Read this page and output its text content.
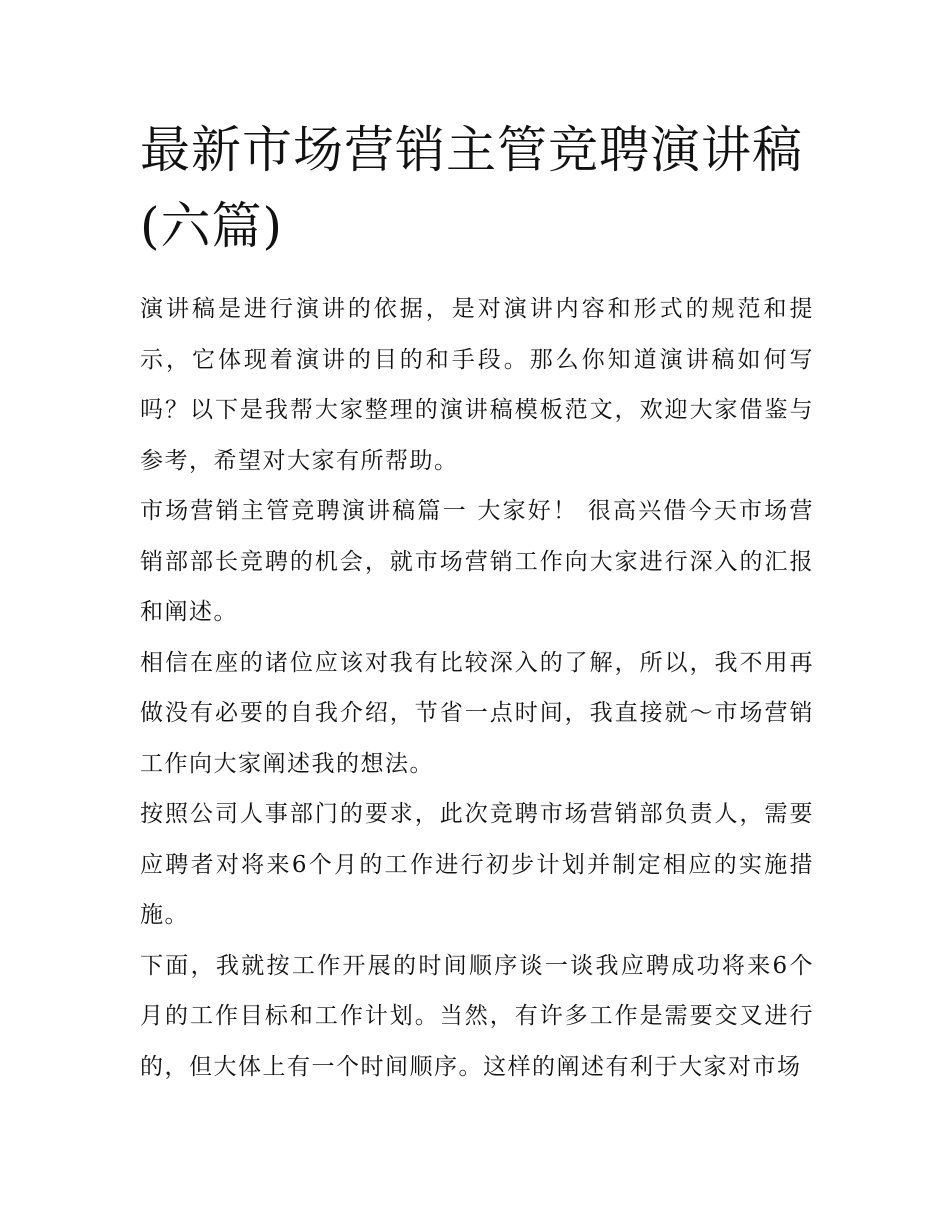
最新市场营销主管竞聘演讲稿(六篇)

演讲稿是进行演讲的依据，是对演讲内容和形式的规范和提示，它体现着演讲的目的和手段。那么你知道演讲稿如何写吗？以下是我帮大家整理的演讲稿模板范文，欢迎大家借鉴与参考，希望对大家有所帮助。

市场营销主管竞聘演讲稿篇一 大家好！ 很高兴借今天市场营销部部长竞聘的机会，就市场营销工作向大家进行深入的汇报和阐述。

相信在座的诸位应该对我有比较深入的了解，所以，我不用再做没有必要的自我介绍，节省一点时间，我直接就～市场营销工作向大家阐述我的想法。

按照公司人事部门的要求，此次竞聘市场营销部负责人，需要应聘者对将来6个月的工作进行初步计划并制定相应的实施措施。

下面，我就按工作开展的时间顺序谈一谈我应聘成功将来6个月的工作目标和工作计划。当然，有许多工作是需要交叉进行的，但大体上有一个时间顺序。这样的阐述有利于大家对市场
